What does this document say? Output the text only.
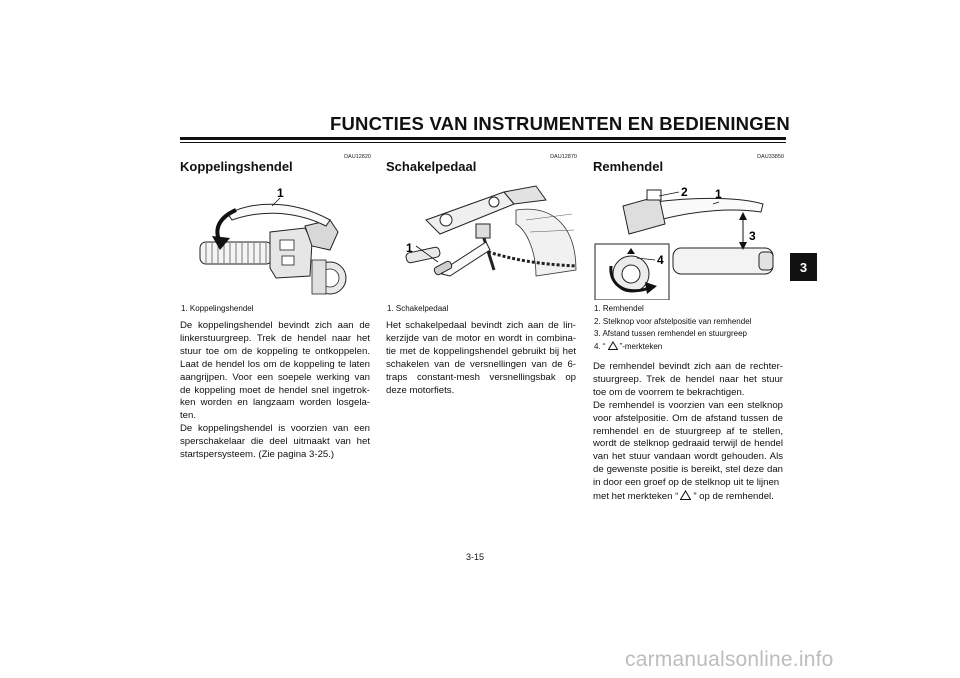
FUNCTIES VAN INSTRUMENTEN EN BEDIENINGEN
3
DAU12820
Koppelingshendel
1
1. Koppelingshendel

De koppelingshendel bevindt zich aan de linkerstuurgreep. Trek de hendel naar het stuur toe om de koppeling te ontkoppelen. Laat de hendel los om de koppeling te laten aangrijpen. Voor een soepele werking van de koppeling moet de hendel snel ingetrokken worden en langzaam worden losgelaten.

De koppelingshendel is voorzien van een sperschakelaar die deel uitmaakt van het startspersysteem. (Zie pagina 3-25.)

DAU12870
Schakelpedaal
1
1. Schakelpedaal

Het schakelpedaal bevindt zich aan de linkerzijde van de motor en wordt in combinatie met de koppelingshendel gebruikt bij het schakelen van de versnellingen van de 6-traps constant-mesh versnellingsbak op deze motorfiets.

DAU33850
Remhendel
2 1
3
4
1. Remhendel
2. Stelknop voor afstelpositie van remhendel
3. Afstand tussen remhendel en stuurgreep
4. “ ”-merkteken

De remhendel bevindt zich aan de rechterstuurgreep. Trek de hendel naar het stuur toe om de voorrem te bekrachtigen.

De remhendel is voorzien van een stelknop voor afstelpositie. Om de afstand tussen de remhendel en de stuurgreep af te stellen, wordt de stelknop gedraaid terwijl de hendel van het stuur vandaan wordt gehouden. Als de gewenste positie is bereikt, stel deze dan in door een groef op de stelknop uit te lijnen

met het merkteken “ ” op de remhendel.

3-15
carmanualsonline.info
